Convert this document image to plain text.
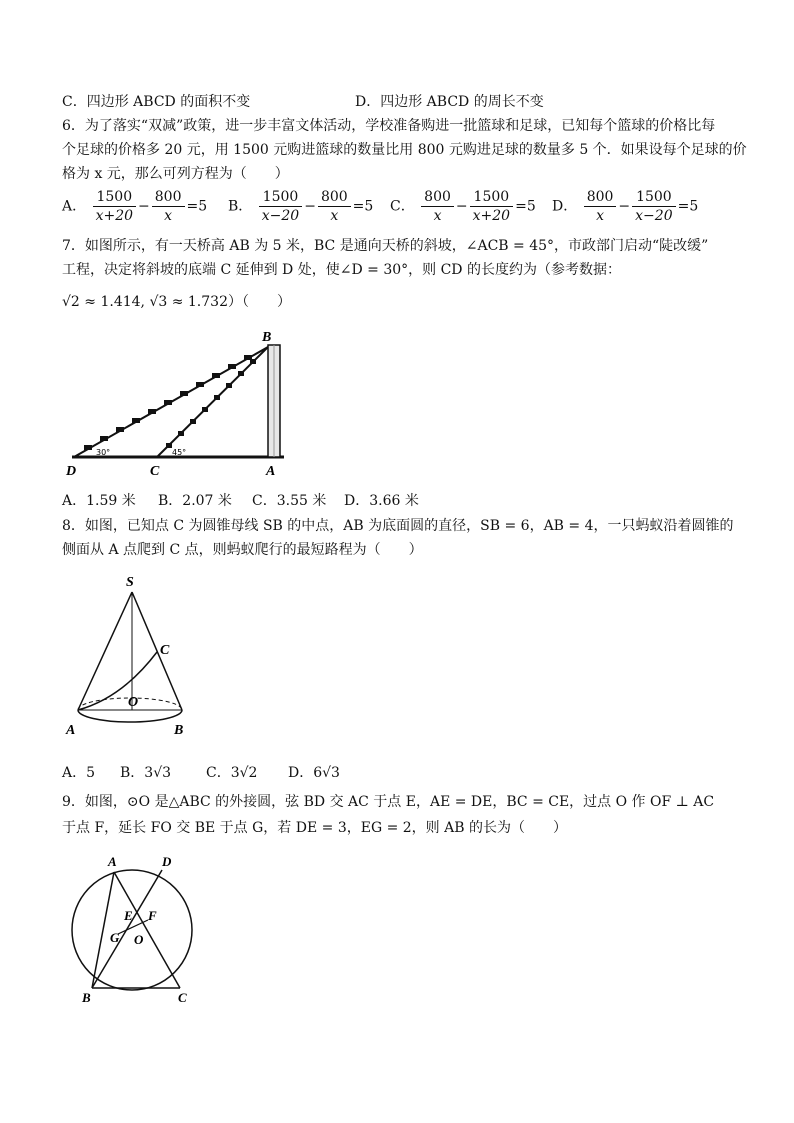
C．四边形 ABCD 的面积不变	D．四边形 ABCD 的周长不变
6．为了落实“双减”政策，进一步丰富文体活动，学校准备购进一批篮球和足球，已知每个篮球的价格比每
个足球的价格多 20 元，用 1500 元购进篮球的数量比用 800 元购进足球的数量多 5 个．如果设每个足球的价
格为 x 元，那么可列方程为（　　）
A． $\frac{1500}{x+20} - \frac{800}{x} =5$ B． $\frac{1500}{x-20} - \frac{800}{x} =5$ C． $\frac{800}{x} - \frac{1500}{x+20} =5$ D． $\frac{800}{x} - \frac{1500}{x-20} =5$
7．如图所示，有一天桥高 AB 为 5 米，BC 是通向天桥的斜坡，∠ACB = 45°，市政部门启动“陡改缓”
工程，决定将斜坡的底端 C 延伸到 D 处，使∠D = 30°，则 CD 的长度约为（参考数据：
√2 ≈ 1.414, √3 ≈ 1.732）（　　）
B
D	C	A
30°	45°
A．1.59 米 B．2.07 米 C．3.55 米 D．3.66 米
8．如图，已知点 C 为圆锥母线 SB 的中点，AB 为底面圆的直径，SB = 6，AB = 4，一只蚂蚁沿着圆锥的
侧面从 A 点爬到 C 点，则蚂蚁爬行的最短路程为（　　）
S
C
O
A	B
A．5 B．3√3 C．3√2 D．6√3
9．如图，⊙O 是△ABC 的外接圆，弦 BD 交 AC 于点 E，AE = DE，BC = CE，过点 O 作 OF ⊥ AC
于点 F，延长 FO 交 BE 于点 G，若 DE = 3，EG = 2，则 AB 的长为（　　）
A	D
E F
G O
B	C
